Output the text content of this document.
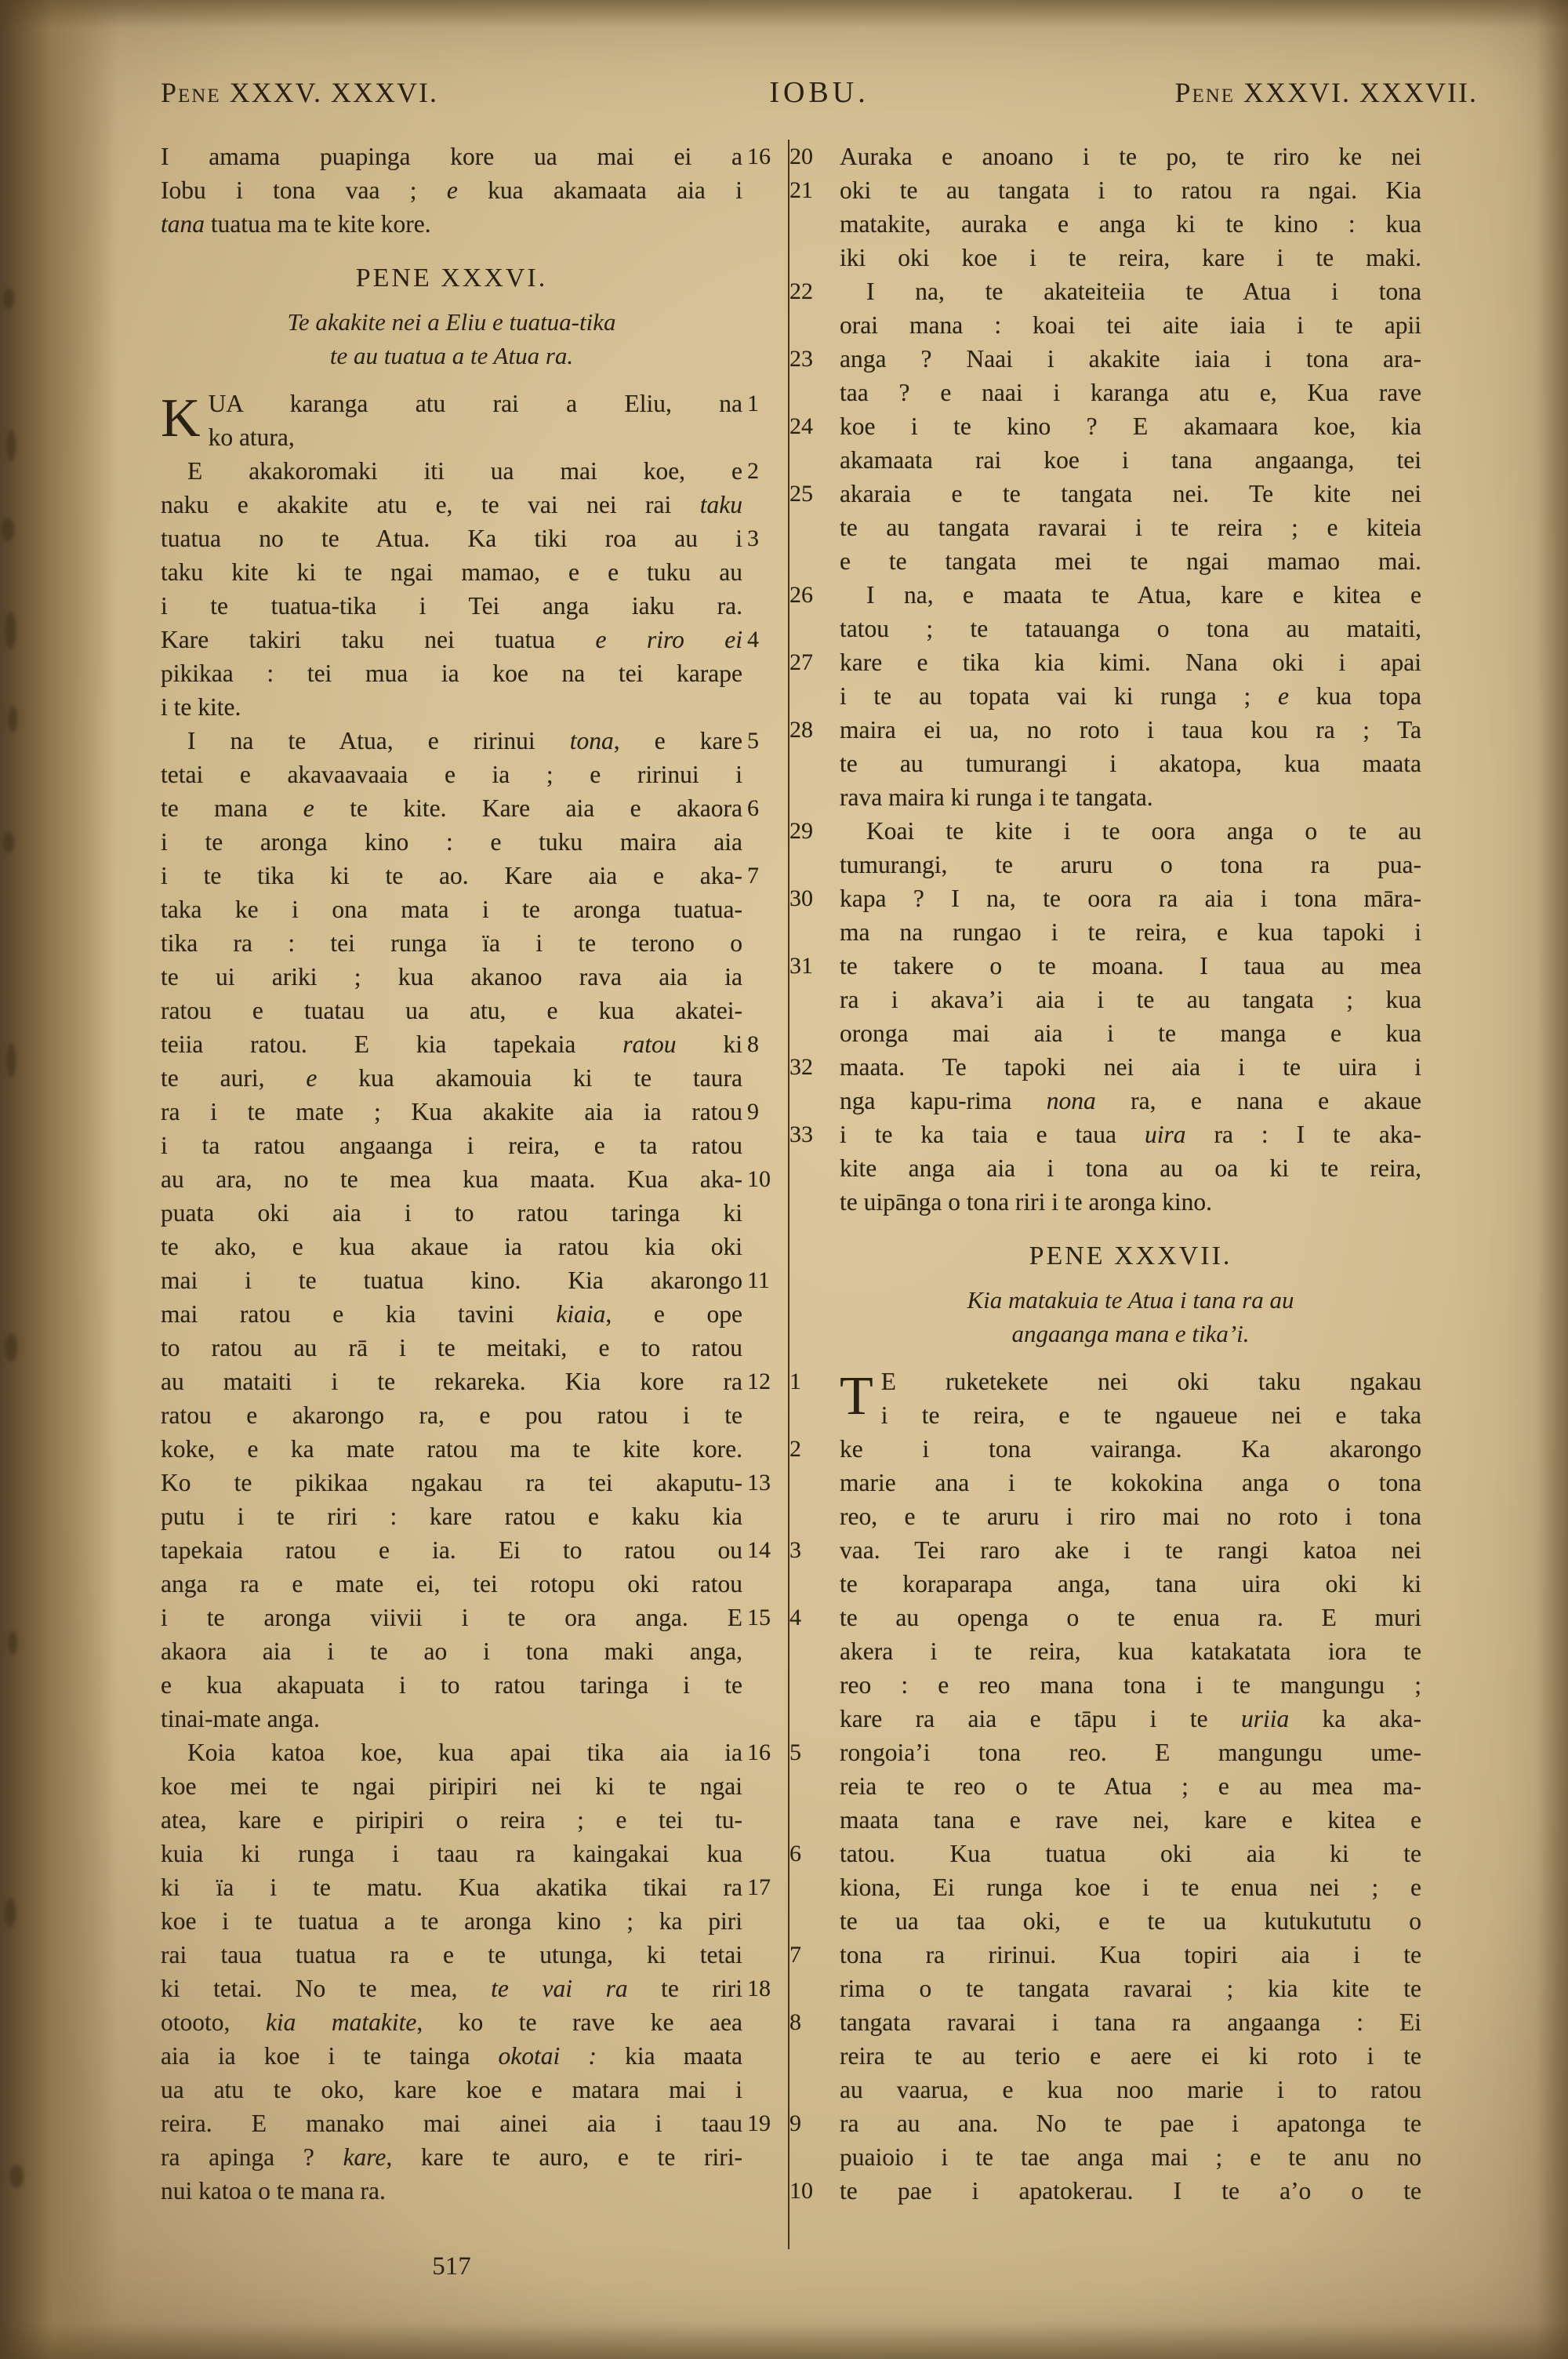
Pene XXXV. XXXVI.	IOBU.	Pene XXXVI. XXXVII.
I amama puapinga kore ua mai ei a 16
Iobu i tona vaa ; e kua akamaata aia i
tana tuatua ma te kite kore.
PENE XXXVI.
Te akakite nei a Eliu e tuatua-tika
te au tuatua a te Atua ra.
K UA karanga atu rai a Eliu, na 1
ko atura,
E akakoromaki iti ua mai koe, e 2
naku e akakite atu e, te vai nei rai taku
tuatua no te Atua. Ka tiki roa au i 3
taku kite ki te ngai mamao, e e tuku au
i te tuatua-tika i Tei anga iaku ra.
Kare takiri taku nei tuatua e riro ei 4
pikikaa : tei mua ia koe na tei karape
i te kite.
I na te Atua, e ririnui tona, e kare 5
tetai e akavaavaaia e ia ; e ririnui i
te mana e te kite. Kare aia e akaora 6
i te aronga kino : e tuku maira aia
i te tika ki te ao. Kare aia e aka- 7
taka ke i ona mata i te aronga tuatua-
tika ra : tei runga ïa i te terono o
te ui ariki ; kua akanoo rava aia ia
ratou e tuatau ua atu, e kua akatei-
teiia ratou. E kia tapekaia ratou ki 8
te auri, e kua akamouia ki te taura
ra i te mate ; Kua akakite aia ia ratou 9
i ta ratou angaanga i reira, e ta ratou
au ara, no te mea kua maata. Kua aka- 10
puata oki aia i to ratou taringa ki
te ako, e kua akaue ia ratou kia oki
mai i te tuatua kino. Kia akarongo 11
mai ratou e kia tavini kiaia, e ope
to ratou au rā i te meitaki, e to ratou
au mataiti i te rekareka. Kia kore ra 12
ratou e akarongo ra, e pou ratou i te
koke, e ka mate ratou ma te kite kore.
Ko te pikikaa ngakau ra tei akaputu- 13
putu i te riri : kare ratou e kaku kia
tapekaia ratou e ia. Ei to ratou ou 14
anga ra e mate ei, tei rotopu oki ratou
i te aronga viivii i te ora anga. E 15
akaora aia i te ao i tona maki anga,
e kua akapuata i to ratou taringa i te
tinai-mate anga.
Koia katoa koe, kua apai tika aia ia 16
koe mei te ngai piripiri nei ki te ngai
atea, kare e piripiri o reira ; e tei tu-
kuia ki runga i taau ra kaingakai kua
ki ïa i te matu. Kua akatika tikai ra 17
koe i te tuatua a te aronga kino ; ka piri
rai taua tuatua ra e te utunga, ki tetai
ki tetai. No te mea, te vai ra te riri 18
otooto, kia matakite, ko te rave ke aea
aia ia koe i te tainga okotai : kia maata
ua atu te oko, kare koe e matara mai i
reira. E manako mai ainei aia i taau 19
ra apinga ? kare, kare te auro, e te riri-
nui katoa o te mana ra.
Auraka e anoano i te po, te riro ke nei
20
oki te au tangata i to ratou ra ngai. Kia
21
matakite, auraka e anga ki te kino : kua
iki oki koe i te reira, kare i te maki.
I na, te akateiteiia te Atua i tona
22
orai mana : koai tei aite iaia i te apii
anga ? Naai i akakite iaia i tona ara-
23
taa ? e naai i karanga atu e, Kua rave
koe i te kino ? E akamaara koe, kia
24
akamaata rai koe i tana angaanga, tei
akaraia e te tangata nei. Te kite nei
25
te au tangata ravarai i te reira ; e kiteia
e te tangata mei te ngai mamao mai.
I na, e maata te Atua, kare e kitea e
26
tatou ; te tatauanga o tona au mataiti,
kare e tika kia kimi. Nana oki i apai
27
i te au topata vai ki runga ; e kua topa
maira ei ua, no roto i taua kou ra ; Ta
28
te au tumurangi i akatopa, kua maata
rava maira ki runga i te tangata.
Koai te kite i te oora anga o te au
29
tumurangi, te aruru o tona ra pua-
kapa ? I na, te oora ra aia i tona māra-
30
ma na rungao i te reira, e kua tapoki i
te takere o te moana. I taua au mea
31
ra i akava’i aia i te au tangata ; kua
oronga mai aia i te manga e kua
maata. Te tapoki nei aia i te uira i
32
nga kapu-rima nona ra, e nana e akaue
i te ka taia e taua uira ra : I te aka-
33
kite anga aia i tona au oa ki te reira,
te uipānga o tona riri i te aronga kino.
PENE XXXVII.
Kia matakuia te Atua i tana ra au
angaanga mana e tika’i.
T E ruketekete nei oki taku ngakau
1
i te reira, e te ngaueue nei e taka
ke i tona vairanga. Ka akarongo
2
marie ana i te kokokina anga o tona
reo, e te aruru i riro mai no roto i tona
vaa. Tei raro ake i te rangi katoa nei
3
te koraparapa anga, tana uira oki ki
te au openga o te enua ra. E muri
4
akera i te reira, kua katakatata iora te
reo : e reo mana tona i te mangungu ;
kare ra aia e tāpu i te uriia ka aka-
rongoia’i tona reo. E mangungu ume-
5
reia te reo o te Atua ; e au mea ma-
maata tana e rave nei, kare e kitea e
tatou. Kua tuatua oki aia ki te
6
kiona, Ei runga koe i te enua nei ; e
te ua taa oki, e te ua kutukututu o
tona ra ririnui. Kua topiri aia i te
7
rima o te tangata ravarai ; kia kite te
tangata ravarai i tana ra angaanga : Ei
8
reira te au terio e aere ei ki roto i te
au vaarua, e kua noo marie i to ratou
ra au ana. No te pae i apatonga te
9
puaioio i te tae anga mai ; e te anu no
te pae i apatokerau. I te a’o o te
10
517
